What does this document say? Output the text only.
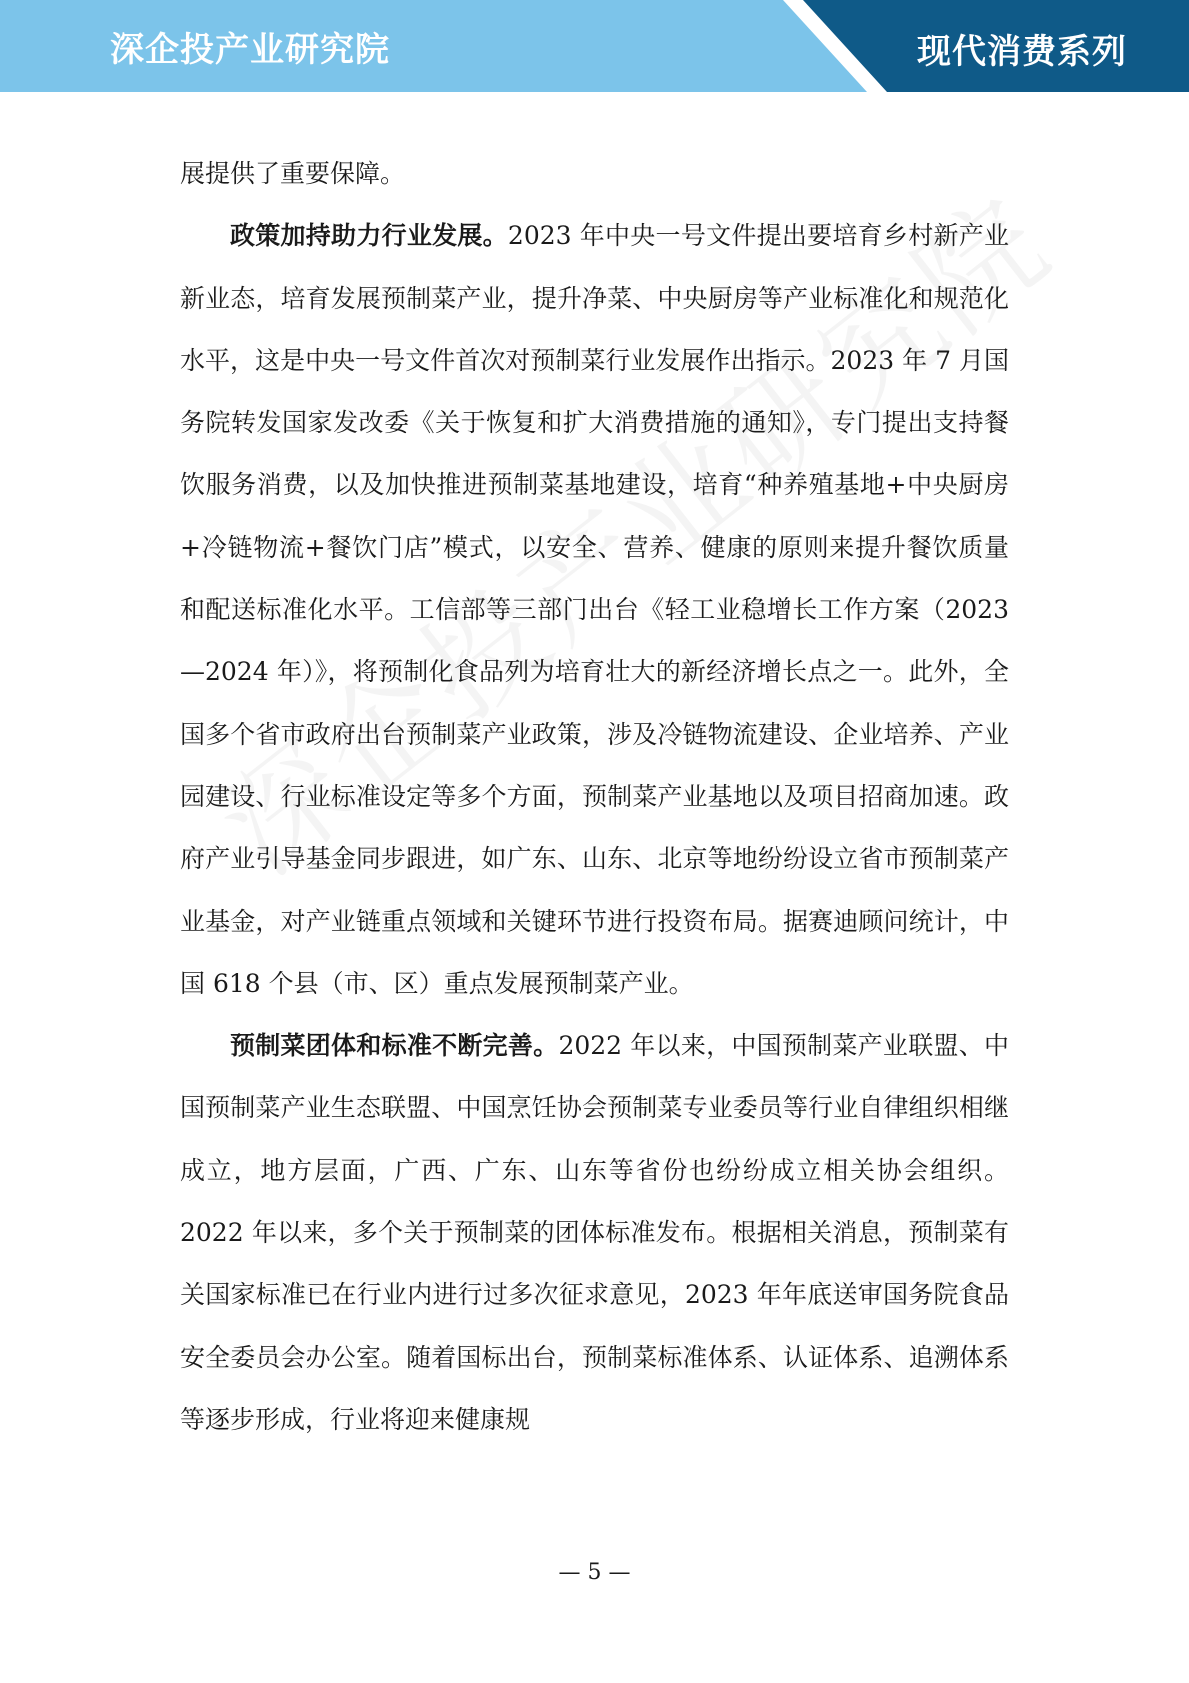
深企投产业研究院	现代消费系列

展提供了重要保障。

政策加持助力行业发展。2023 年中央一号文件提出要培育乡村新产业新业态，培育发展预制菜产业，提升净菜、中央厨房等产业标准化和规范化水平，这是中央一号文件首次对预制菜行业发展作出指示。2023 年 7 月国务院转发国家发改委《关于恢复和扩大消费措施的通知》，专门提出支持餐饮服务消费，以及加快推进预制菜基地建设，培育“种养殖基地+中央厨房+冷链物流+餐饮门店”模式，以安全、营养、健康的原则来提升餐饮质量和配送标准化水平。工信部等三部门出台《轻工业稳增长工作方案（2023—2024 年）》，将预制化食品列为培育壮大的新经济增长点之一。此外，全国多个省市政府出台预制菜产业政策，涉及冷链物流建设、企业培养、产业园建设、行业标准设定等多个方面，预制菜产业基地以及项目招商加速。政府产业引导基金同步跟进，如广东、山东、北京等地纷纷设立省市预制菜产业基金，对产业链重点领域和关键环节进行投资布局。据赛迪顾问统计，中国 618 个县（市、区）重点发展预制菜产业。

预制菜团体和标准不断完善。2022 年以来，中国预制菜产业联盟、中国预制菜产业生态联盟、中国烹饪协会预制菜专业委员等行业自律组织相继成立，地方层面，广西、广东、山东等省份也纷纷成立相关协会组织。2022 年以来，多个关于预制菜的团体标准发布。根据相关消息，预制菜有关国家标准已在行业内进行过多次征求意见，2023 年年底送审国务院食品安全委员会办公室。随着国标出台，预制菜标准体系、认证体系、追溯体系等逐步形成，行业将迎来健康规

— 5 —
